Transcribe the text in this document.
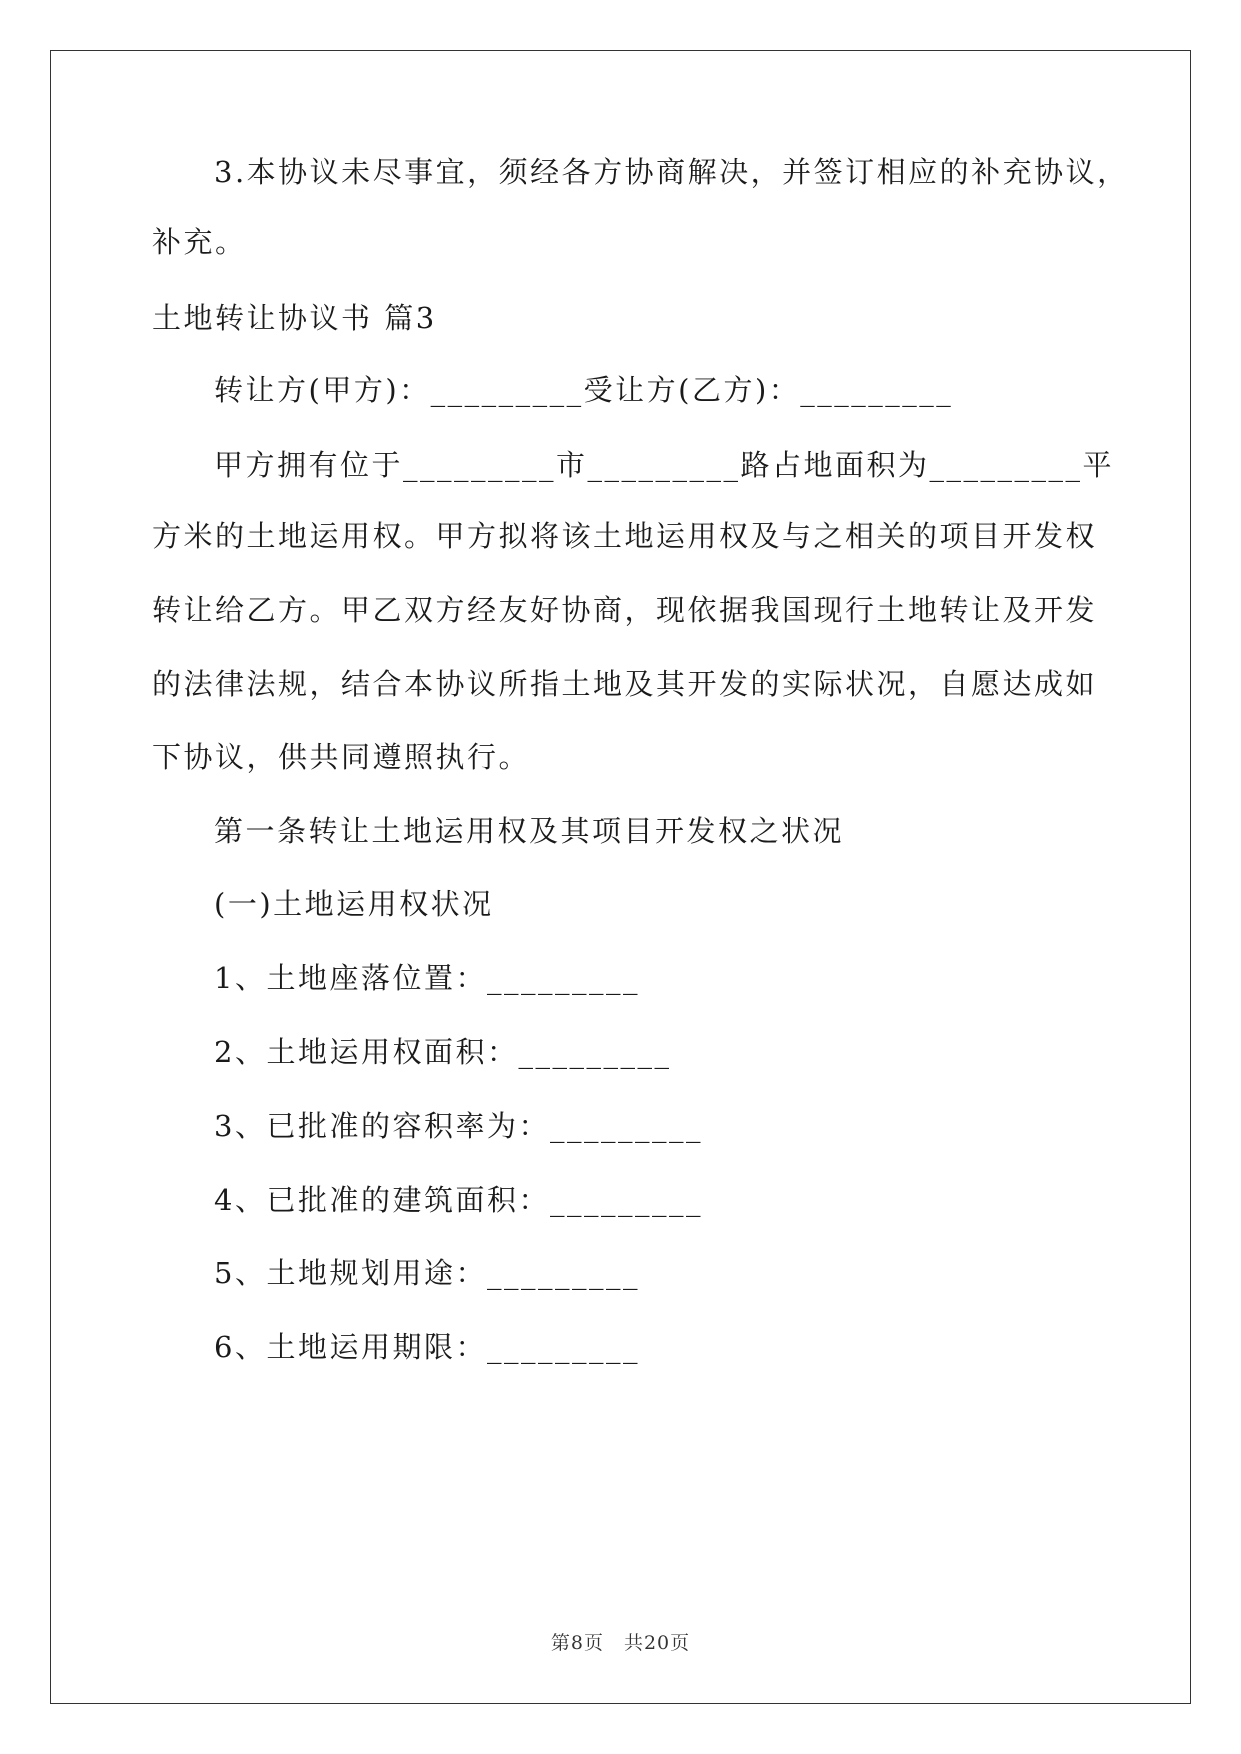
3.本协议未尽事宜，须经各方协商解决，并签订相应的补充协议，
补充。
土地转让协议书 篇3
转让方(甲方)：_________受让方(乙方)：_________
甲方拥有位于_________市_________路占地面积为_________平
方米的土地运用权。甲方拟将该土地运用权及与之相关的项目开发权
转让给乙方。甲乙双方经友好协商，现依据我国现行土地转让及开发
的法律法规，结合本协议所指土地及其开发的实际状况，自愿达成如
下协议，供共同遵照执行。
第一条转让土地运用权及其项目开发权之状况
(一)土地运用权状况
1、土地座落位置：_________
2、土地运用权面积：_________
3、已批准的容积率为：_________
4、已批准的建筑面积：_________
5、土地规划用途：_________
6、土地运用期限：_________
第8页　共20页
